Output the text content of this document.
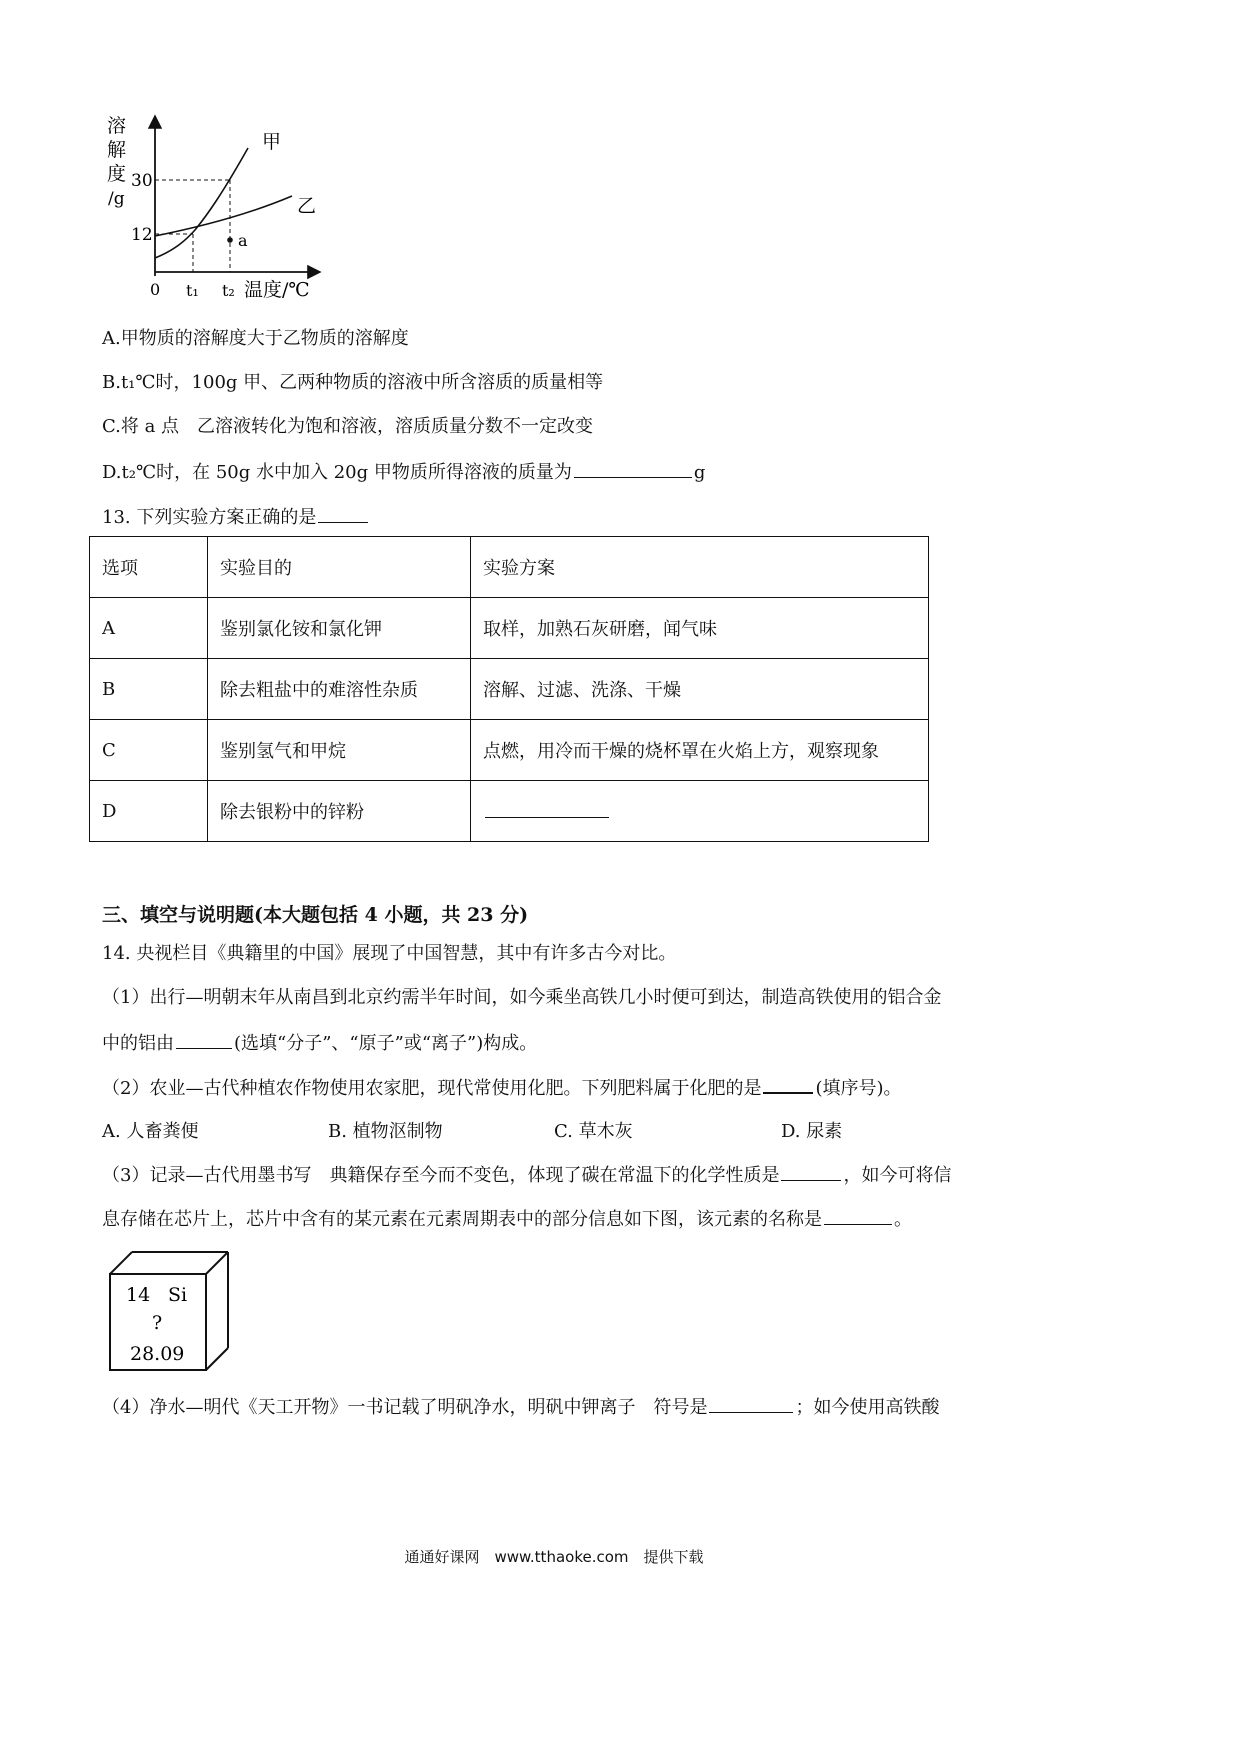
溶
解
度
/g
30
12
0 t₁ t₂ 温度/℃
甲
乙
a
A.甲物质的溶解度大于乙物质的溶解度
B.t₁℃时，100g 甲、乙两种物质的溶液中所含溶质的质量相等
C.将 a 点　乙溶液转化为饱和溶液，溶质质量分数不一定改变
D.t₂℃时，在 50g 水中加入 20g 甲物质所得溶液的质量为	g
13. 下列实验方案正确的是
选项	实验目的	实验方案
A	鉴别氯化铵和氯化钾	取样，加熟石灰研磨，闻气味
B	除去粗盐中的难溶性杂质	溶解、过滤、洗涤、干燥
C	鉴别氢气和甲烷	点燃，用冷而干燥的烧杯罩在火焰上方，观察现象
D	除去银粉中的锌粉	
三、填空与说明题(本大题包括 4 小题，共 23 分)
14. 央视栏目《典籍里的中国》展现了中国智慧，其中有许多古今对比。
（1）出行—明朝末年从南昌到北京约需半年时间，如今乘坐高铁几小时便可到达，制造高铁使用的铝合金
中的铝由	(选填“分子”、“原子”或“离子”)构成。
（2）农业—古代种植农作物使用农家肥，现代常使用化肥。下列肥料属于化肥的是	(填序号)。
A. 人畜粪便	B. 植物沤制物	C. 草木灰	D. 尿素
（3）记录—古代用墨书写　典籍保存至今而不变色，体现了碳在常温下的化学性质是	，如今可将信
息存储在芯片上，芯片中含有的某元素在元素周期表中的部分信息如下图，该元素的名称是	。
14 Si
?
28.09
（4）净水—明代《天工开物》一书记载了明矾净水，明矾中钾离子　符号是	；如今使用高铁酸
通通好课网　www.tthaoke.com　提供下载
